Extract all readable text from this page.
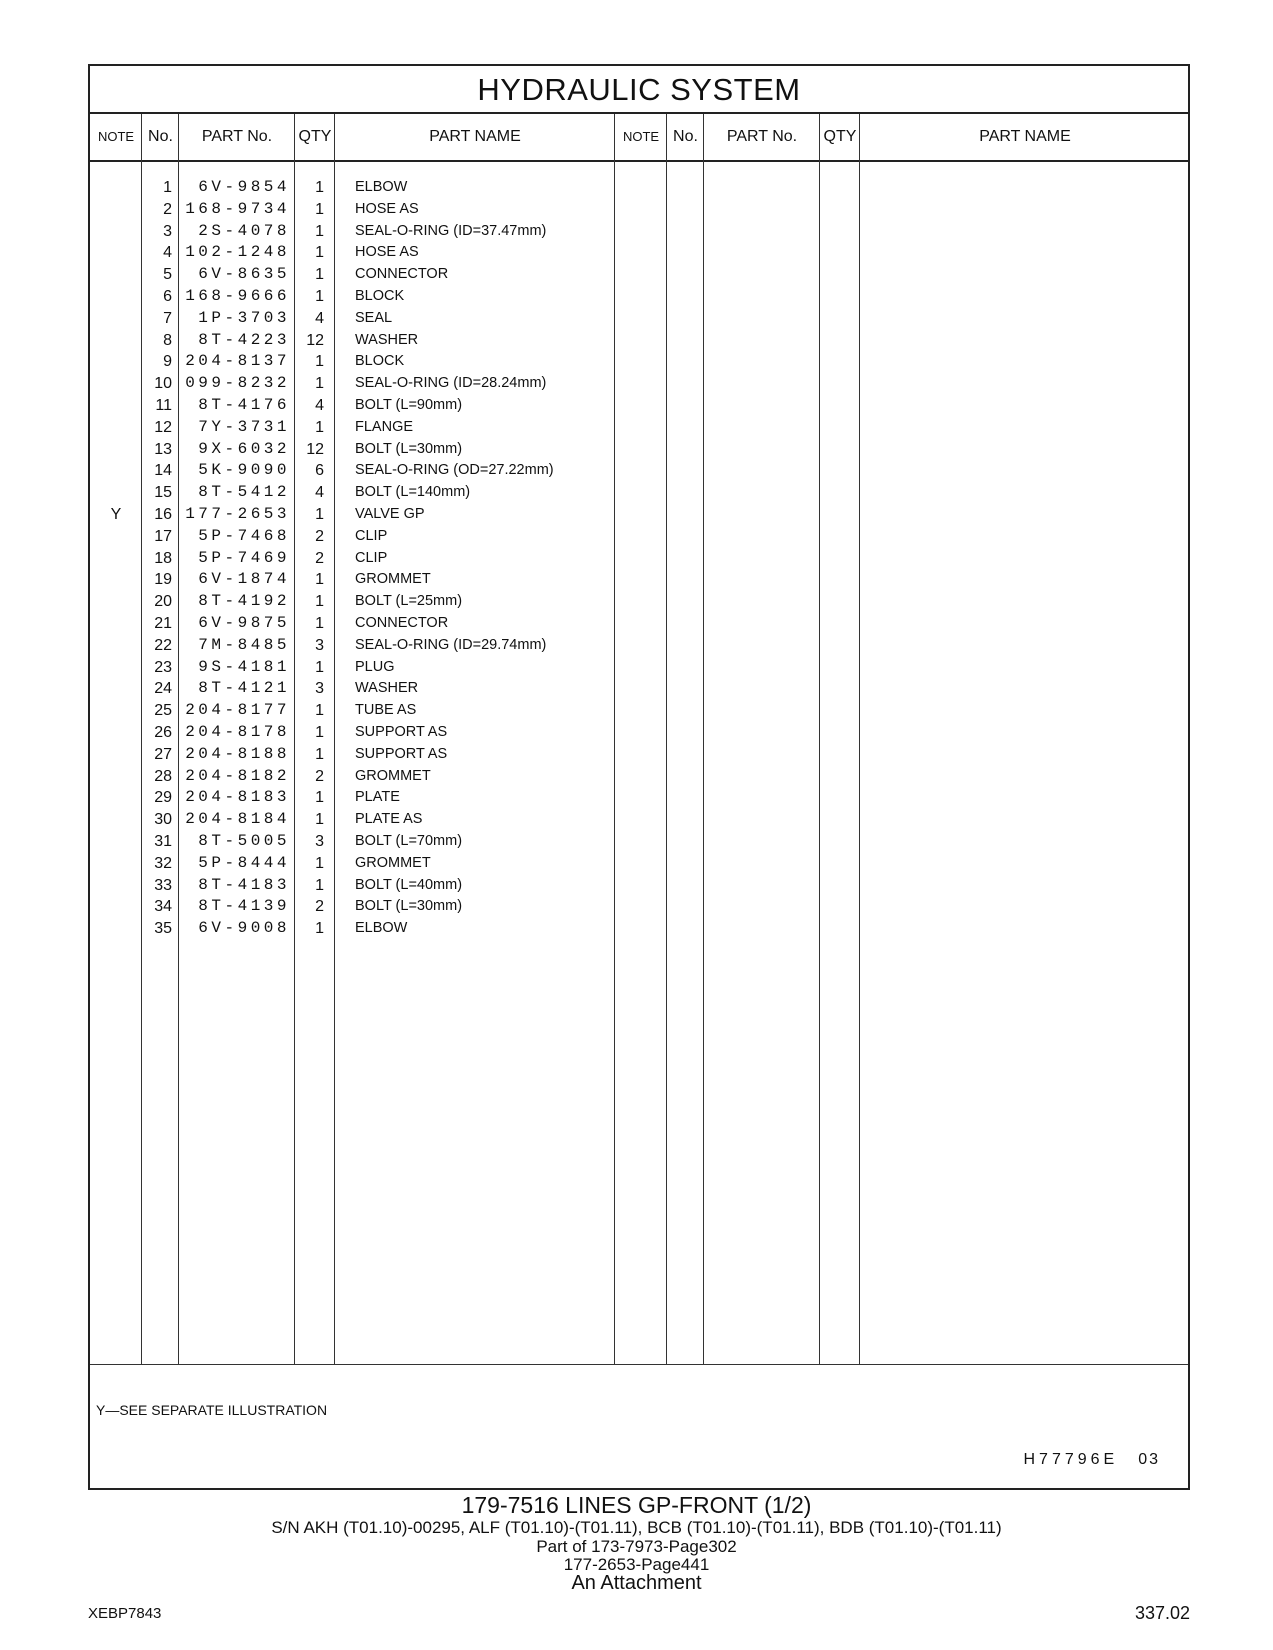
HYDRAULIC SYSTEM
NOTE No.	PART No.	QTY	PART NAME	NOTE No.	PART No.	QTY	PART NAME
1	6V-9854	1 ELBOW
2 168-9734	1 HOSE AS
3	2S-4078	1 SEAL-O-RING (ID=37.47mm)
4 102-1248	1 HOSE AS
5	6V-8635	1 CONNECTOR
6 168-9666	1 BLOCK
7	1P-3703	4 SEAL
8	8T-4223	12 WASHER
9 204-8137	1 BLOCK
10 099-8232	1 SEAL-O-RING (ID=28.24mm)
11	8T-4176	4 BOLT (L=90mm)
12	7Y-3731	1 FLANGE
13	9X-6032	12 BOLT (L=30mm)
14	5K-9090	6 SEAL-O-RING (OD=27.22mm)
15	8T-5412	4 BOLT (L=140mm)
Y	16 177-2653	1 VALVE GP
17	5P-7468	2 CLIP
18	5P-7469	2 CLIP
19	6V-1874	1 GROMMET
20	8T-4192	1 BOLT (L=25mm)
21	6V-9875	1 CONNECTOR
22	7M-8485	3 SEAL-O-RING (ID=29.74mm)
23	9S-4181	1 PLUG
24	8T-4121	3 WASHER
25 204-8177	1 TUBE AS
26 204-8178	1 SUPPORT AS
27 204-8188	1 SUPPORT AS
28 204-8182	2 GROMMET
29 204-8183	1 PLATE
30 204-8184	1 PLATE AS
31	8T-5005	3 BOLT (L=70mm)
32	5P-8444	1 GROMMET
33	8T-4183	1 BOLT (L=40mm)
34	8T-4139	2 BOLT (L=30mm)
35	6V-9008	1 ELBOW
Y—SEE SEPARATE ILLUSTRATION
H77796E 03
179-7516 LINES GP-FRONT (1/2)
S/N AKH (T01.10)-00295, ALF (T01.10)-(T01.11), BCB (T01.10)-(T01.11), BDB (T01.10)-(T01.11)
Part of 173-7973-Page302
177-2653-Page441
An Attachment
XEBP7843	337.02
